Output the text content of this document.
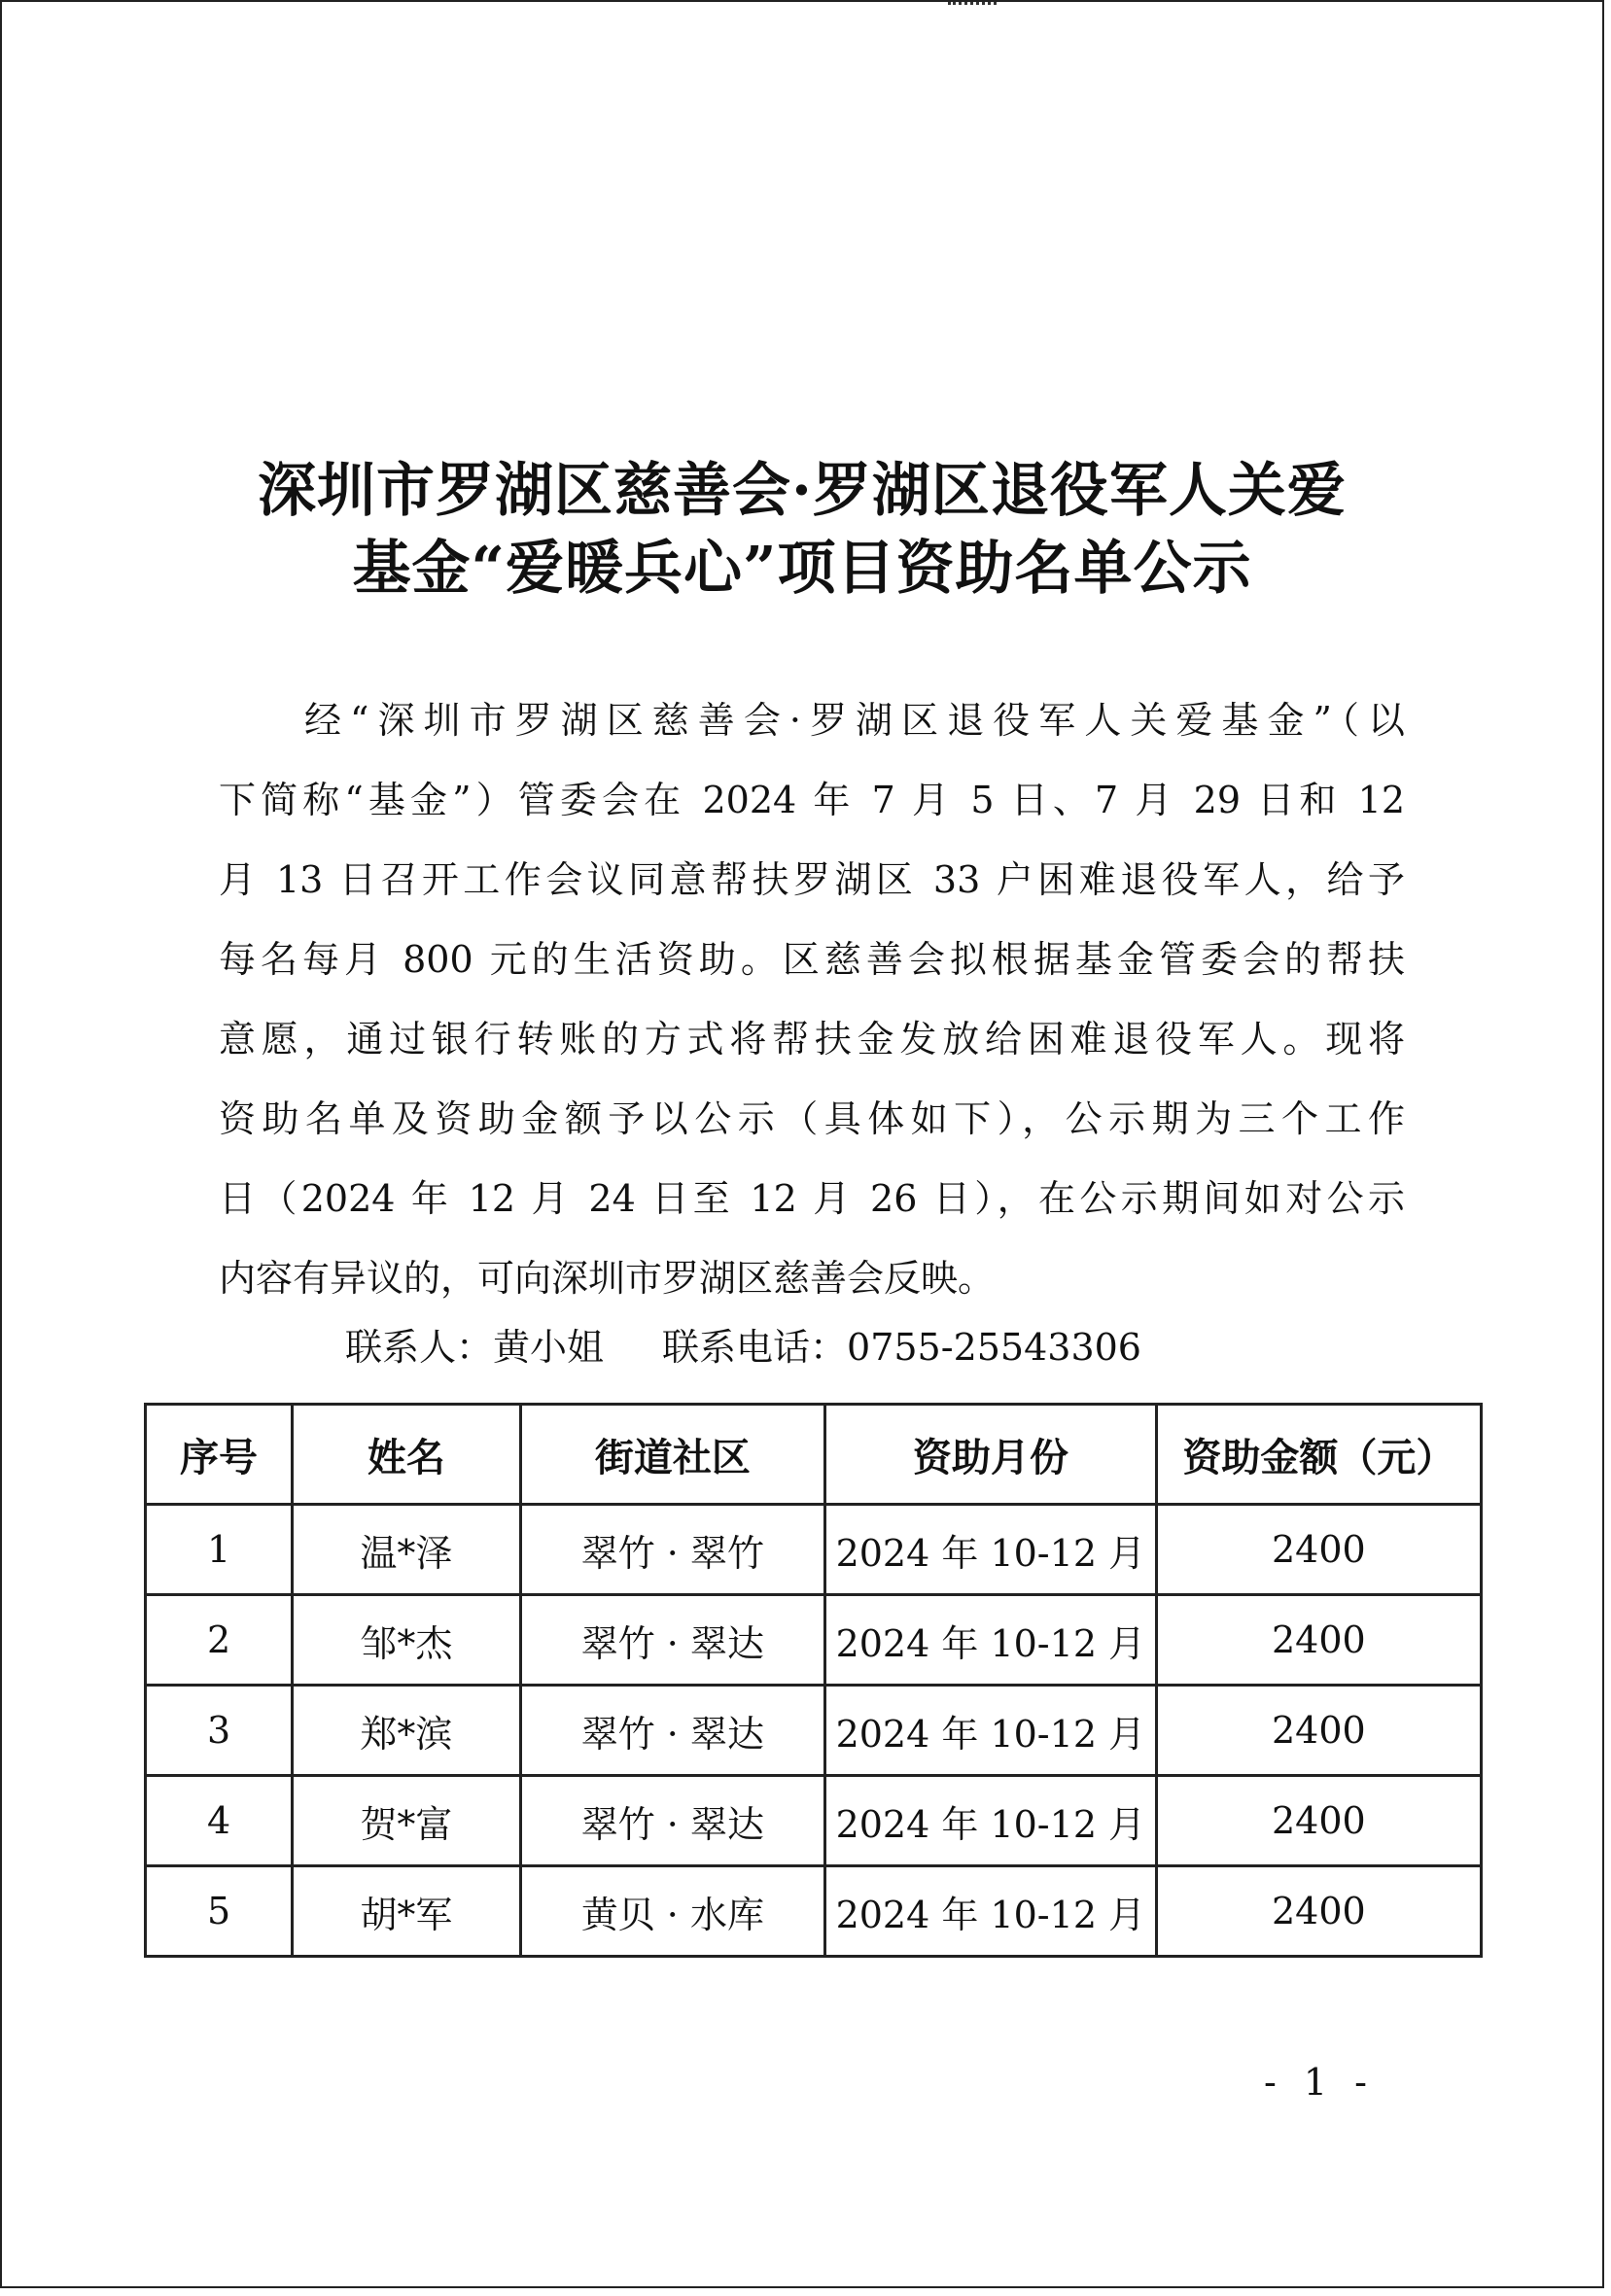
深圳市罗湖区慈善会·罗湖区退役军人关爱
基金“爱暖兵心”项目资助名单公示
经“深圳市罗湖区慈善会·罗湖区退役军人关爱基金”（以
下简称“基金”）管委会在 2024 年 7 月 5 日、7 月 29 日和 12
月 13 日召开工作会议同意帮扶罗湖区 33 户困难退役军人，给予
每名每月 800 元的生活资助。区慈善会拟根据基金管委会的帮扶
意愿，通过银行转账的方式将帮扶金发放给困难退役军人。现将
资助名单及资助金额予以公示（具体如下），公示期为三个工作
日（2024 年 12 月 24 日至 12 月 26 日），在公示期间如对公示
内容有异议的，可向深圳市罗湖区慈善会反映。
联系人：黄小姐 联系电话：0755-25543306
序号	姓名	街道社区	资助月份	资助金额（元）
1	温*泽	翠竹 · 翠竹	2024 年 10-12 月	2400
2	邹*杰	翠竹 · 翠达	2024 年 10-12 月	2400
3	郑*滨	翠竹 · 翠达	2024 年 10-12 月	2400
4	贺*富	翠竹 · 翠达	2024 年 10-12 月	2400
5	胡*军	黄贝 · 水库	2024 年 10-12 月	2400
- 1 -
